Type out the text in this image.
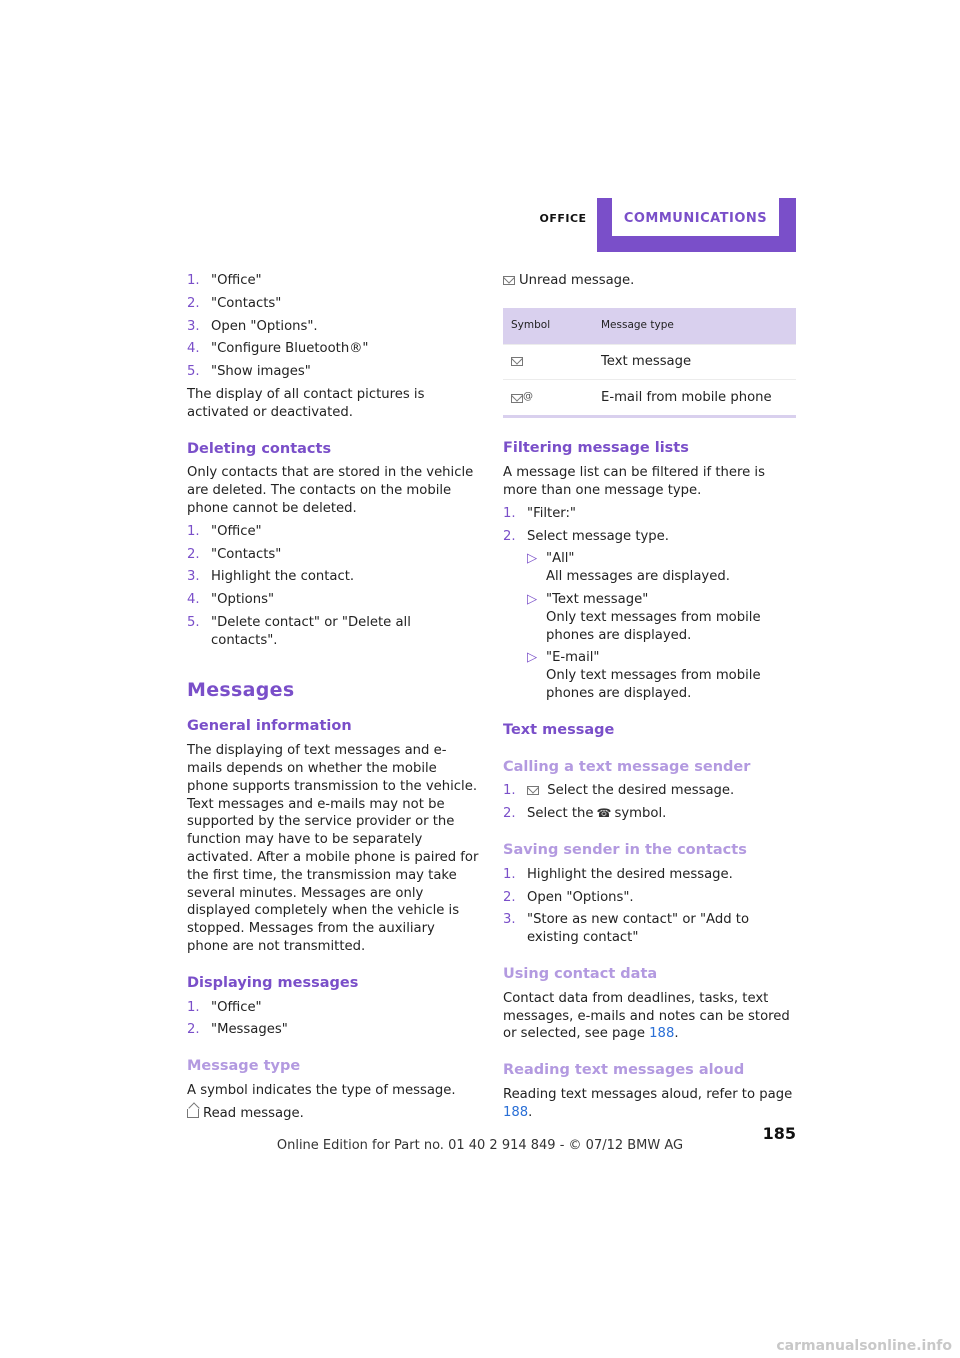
OFFICE	COMMUNICATIONS
1. "Office"
2. "Contacts"
3. Open "Options".
4. "Configure Bluetooth®"
5. "Show images"

The display of all contact pictures is activated or deactivated.

Deleting contacts

Only contacts that are stored in the vehicle are deleted. The contacts on the mobile phone cannot be deleted.

1. "Office"
2. "Contacts"
3. Highlight the contact.
4. "Options"
5. "Delete contact" or "Delete all contacts".
Messages
General information

The displaying of text messages and e-mails depends on whether the mobile phone supports transmission to the vehicle. Text messages and e-mails may not be supported by the service provider or the function may have to be separately activated. After a mobile phone is paired for the first time, the transmission may take several minutes. Messages are only displayed completely when the vehicle is stopped. Messages from the auxiliary phone are not transmitted.

Displaying messages
1. "Office"
2. "Messages"
Message type

A symbol indicates the type of message.

Read message.

Unread message.

Symbol	Message type
	Text message
@	E-mail from mobile phone
Filtering message lists

A message list can be filtered if there is more than one message type.

1. "Filter:"
2. Select message type.
▷ "All"
All messages are displayed.
▷ "Text message"
Only text messages from mobile phones are displayed.
▷ "E-mail"
Only text messages from mobile phones are displayed.
Text message
Calling a text message sender
1.	Select the desired message.
2. Select the ☎ symbol.
Saving sender in the contacts
1. Highlight the desired message.
2. Open "Options".
3. "Store as new contact" or "Add to existing contact"
Using contact data

Contact data from deadlines, tasks, text messages, e-mails and notes can be stored or selected, see page 188.

Reading text messages aloud

Reading text messages aloud, refer to page 188.

185
Online Edition for Part no. 01 40 2 914 849 - © 07/12 BMW AG
carmanualsonline.info
